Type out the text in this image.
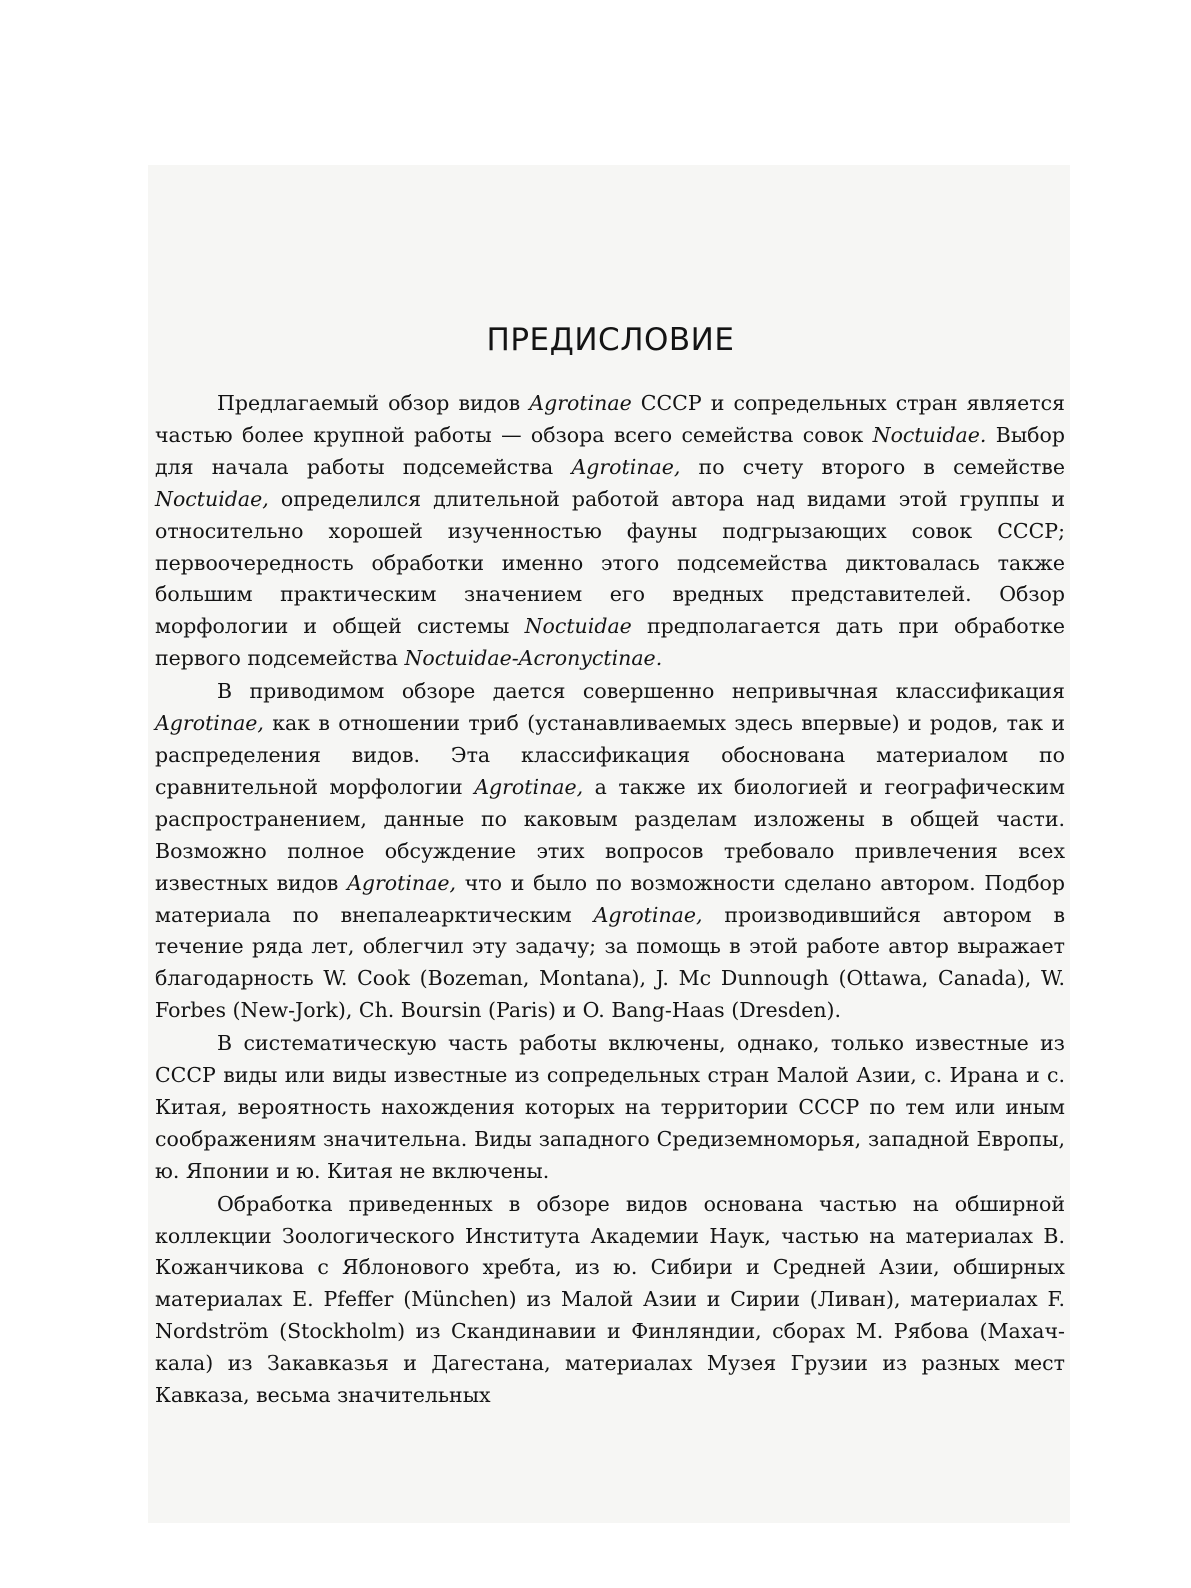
ПРЕДИСЛОВИЕ

Предлагаемый обзор видов Agrotinae СССР и сопредельных стран является частью более крупной работы — обзора всего семейства совок Noctuidae. Выбор для начала работы подсемейства Agrotinae, по счету второго в семействе Noctuidae, определился длительной работой автора над видами этой группы и относительно хорошей изученностью фауны подгрызающих совок СССР; первоочередность обработки именно этого подсемейства диктовалась также большим практическим значением его вредных представителей. Обзор морфологии и общей системы Noctuidae предполагается дать при обработке первого подсемейства Noctuidae-Acronyctinae.

В приводимом обзоре дается совершенно непривычная классификация Agrotinae, как в отношении триб (устанавливаемых здесь впервые) и родов, так и распределения видов. Эта классификация обоснована материалом по сравнительной морфологии Agrotinae, а также их биологией и географическим распространением, данные по каковым разделам изложены в общей части. Возможно полное обсуждение этих вопросов требовало привлечения всех известных видов Agrotinae, что и было по возможности сделано автором. Подбор материала по внепалеарктическим Agrotinae, производившийся автором в течение ряда лет, облегчил эту задачу; за помощь в этой работе автор выражает благодарность W. Cook (Bozeman, Montana), J. Mc Dunnough (Ottawa, Canada), W. Forbes (New-Jork), Ch. Boursin (Paris) и O. Bang-Haas (Dresden).

В систематическую часть работы включены, однако, только известные из СССР виды или виды известные из сопредельных стран Малой Азии, с. Ирана и с. Китая, вероятность нахождения которых на территории СССР по тем или иным соображениям значительна. Виды западного Средиземноморья, западной Европы, ю. Японии и ю. Китая не включены.

Обработка приведенных в обзоре видов основана частью на обширной коллекции Зоологического Института Академии Наук, частью на материалах В. Кожанчикова с Яблонового хребта, из ю. Сибири и Средней Азии, обширных материалах E. Pfeffer (München) из Малой Азии и Сирии (Ливан), материалах F. Nordström (Stockholm) из Скандинавии и Финляндии, сборах М. Рябова (Махач-кала) из Закавказья и Дагестана, материалах Музея Грузии из разных мест Кавказа, весьма значительных
